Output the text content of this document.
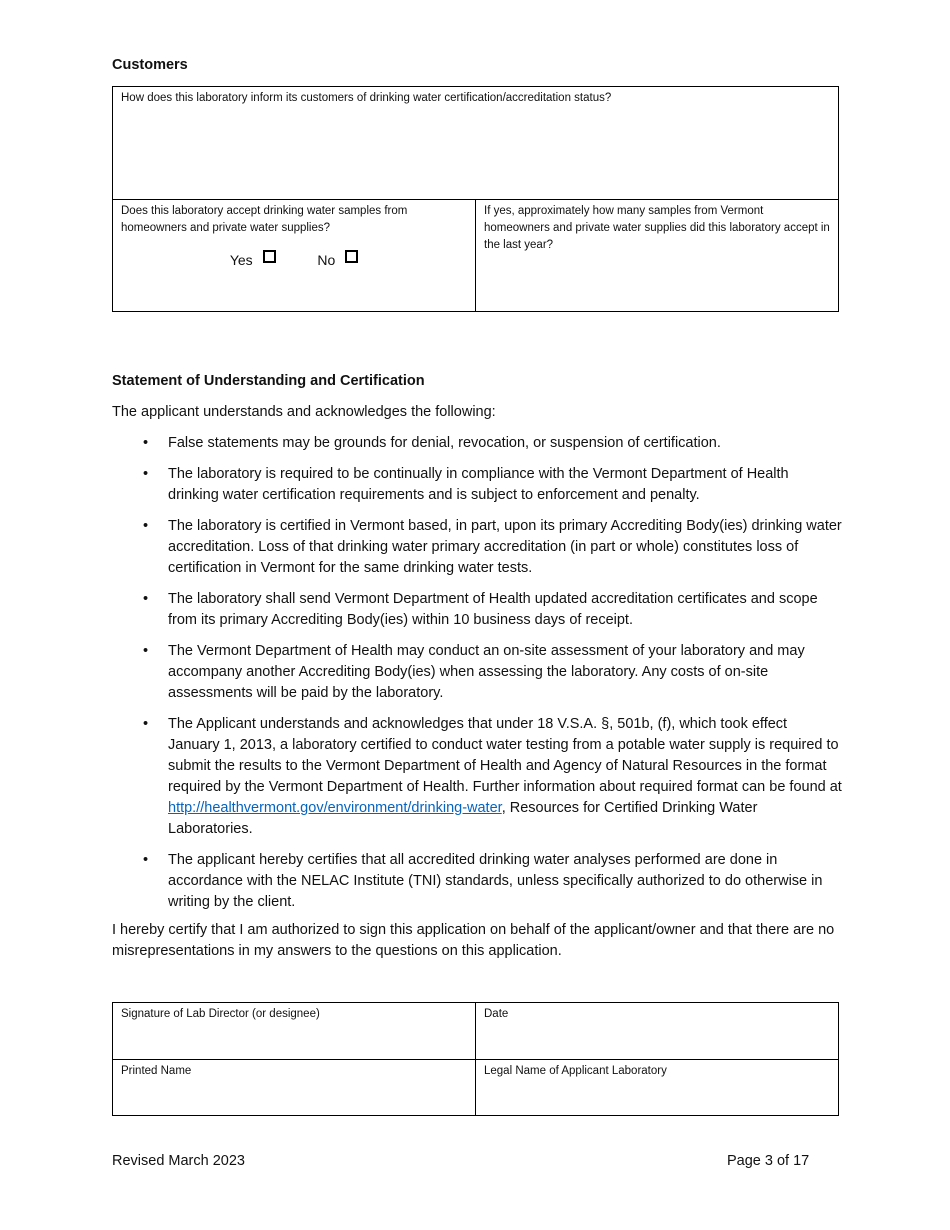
Customers
How does this laboratory inform its customers of drinking water certification/accreditation status?

Does this laboratory accept drinking water samples from homeowners and private water supplies?
Yes	No
	If yes, approximately how many samples from Vermont homeowners and private water supplies did this laboratory accept in the last year?
Statement of Understanding and Certification
The applicant understands and acknowledges the following:
• False statements may be grounds for denial, revocation, or suspension of certification.
• The laboratory is required to be continually in compliance with the Vermont Department of Health drinking water certification requirements and is subject to enforcement and penalty.
• The laboratory is certified in Vermont based, in part, upon its primary Accrediting Body(ies) drinking water accreditation. Loss of that drinking water primary accreditation (in part or whole) constitutes loss of certification in Vermont for the same drinking water tests.
• The laboratory shall send Vermont Department of Health updated accreditation certificates and scope from its primary Accrediting Body(ies) within 10 business days of receipt.
• The Vermont Department of Health may conduct an on-site assessment of your laboratory and may accompany another Accrediting Body(ies) when assessing the laboratory. Any costs of on-site assessments will be paid by the laboratory.
• The Applicant understands and acknowledges that under 18 V.S.A. §, 501b, (f), which took effect January 1, 2013, a laboratory certified to conduct water testing from a potable water supply is required to submit the results to the Vermont Department of Health and Agency of Natural Resources in the format required by the Vermont Department of Health. Further information about required format can be found at http://healthvermont.gov/environment/drinking-water, Resources for Certified Drinking Water Laboratories.
• The applicant hereby certifies that all accredited drinking water analyses performed are done in accordance with the NELAC Institute (TNI) standards, unless specifically authorized to do otherwise in writing by the client.
I hereby certify that I am authorized to sign this application on behalf of the applicant/owner and that there are no misrepresentations in my answers to the questions on this application.
Signature of Lab Director (or designee)	Date
Printed Name	Legal Name of Applicant Laboratory
Revised March 2023	Page 3 of 17
